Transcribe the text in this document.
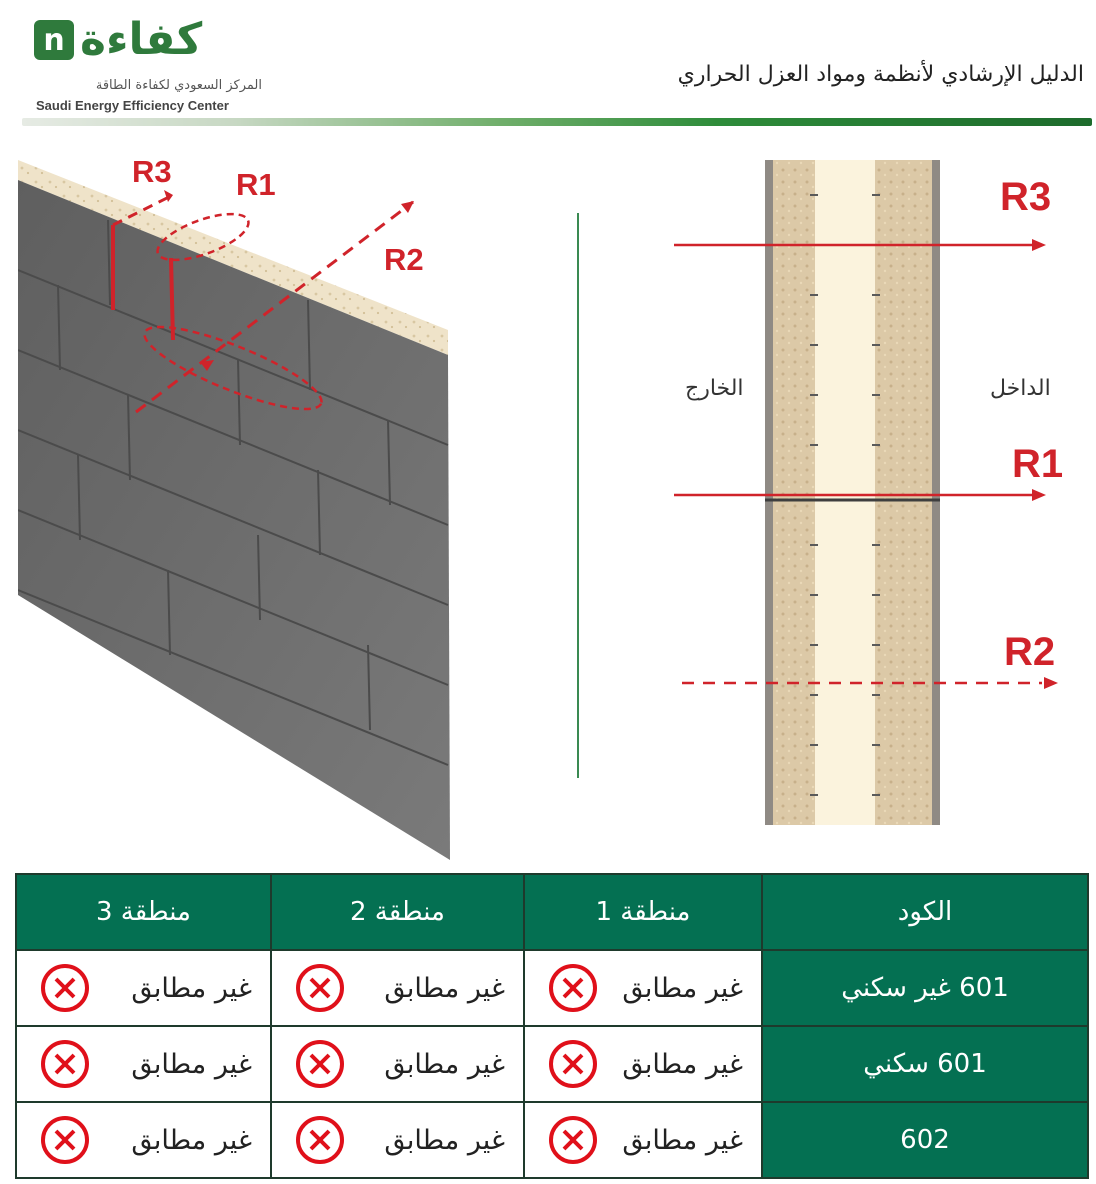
n كفاءة
المركز السعودي لكفاءة الطاقة
Saudi Energy Efficiency Center
الدليل الإرشادي لأنظمة ومواد العزل الحراري
R3 R1
R2
R3
R1
R2
الخارج	الداخل
الكود	منطقة 1	منطقة 2	منطقة 3
601 غير سكني	غير مطابق	غير مطابق	غير مطابق

601 سكني	غير مطابق	غير مطابق	غير مطابق

602	غير مطابق	غير مطابق	غير مطابق
